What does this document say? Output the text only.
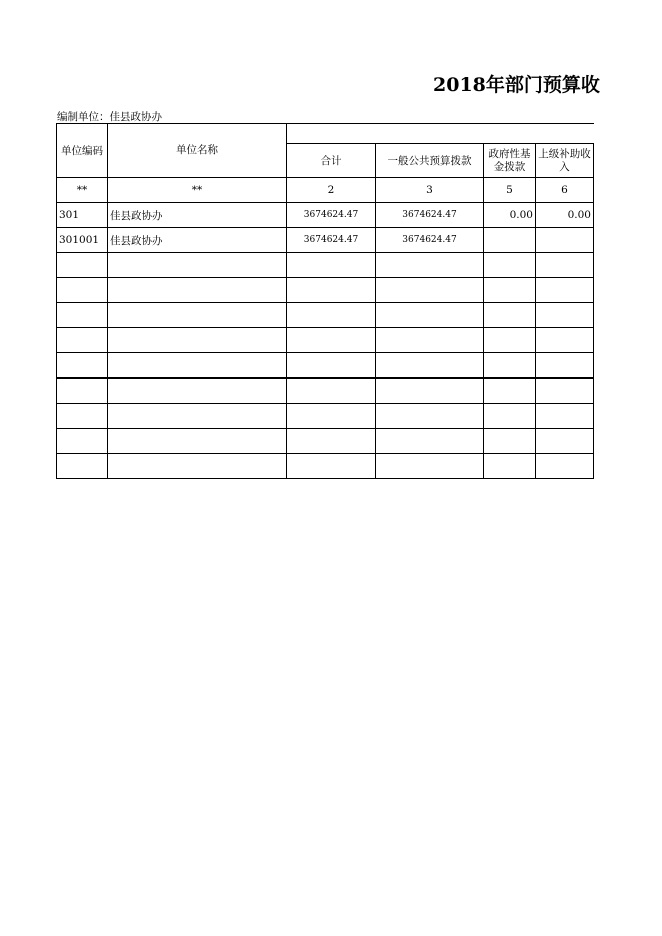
2018年部门预算收
编制单位：佳县政协办
单位编码	单位名称				
		合计	一般公共预算拨款	政府性基金拨款	上级补助收入
**	**	2	3	5	6
301	佳县政协办	3674624.47	3674624.47	0.00	0.00
301001	佳县政协办	3674624.47	3674624.47		
